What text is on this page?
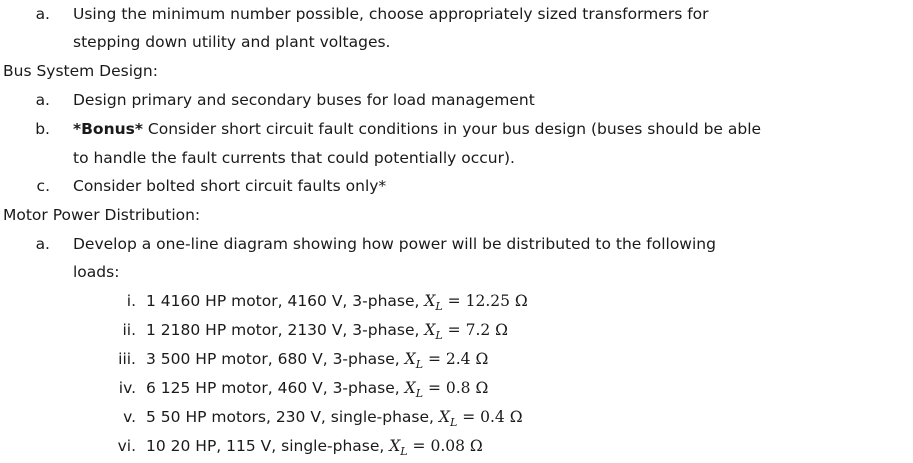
a. Using the minimum number possible, choose appropriately sized transformers for
stepping down utility and plant voltages.
Bus System Design:
a. Design primary and secondary buses for load management
b. *Bonus* Consider short circuit fault conditions in your bus design (buses should be able
to handle the fault currents that could potentially occur).
c. Consider bolted short circuit faults only*
Motor Power Distribution:
a. Develop a one-line diagram showing how power will be distributed to the following
loads:
i. 1 4160 HP motor, 4160 V, 3-phase, $X_L = 12.25$ Ω
ii. 1 2180 HP motor, 2130 V, 3-phase, $X_L = 7.2$ Ω
iii. 3 500 HP motor, 680 V, 3-phase, $X_L = 2.4$ Ω
iv. 6 125 HP motor, 460 V, 3-phase, $X_L = 0.8$ Ω
v. 5 50 HP motors, 230 V, single-phase, $X_L = 0.4$ Ω
vi. 10 20 HP, 115 V, single-phase, $X_L = 0.08$ Ω
